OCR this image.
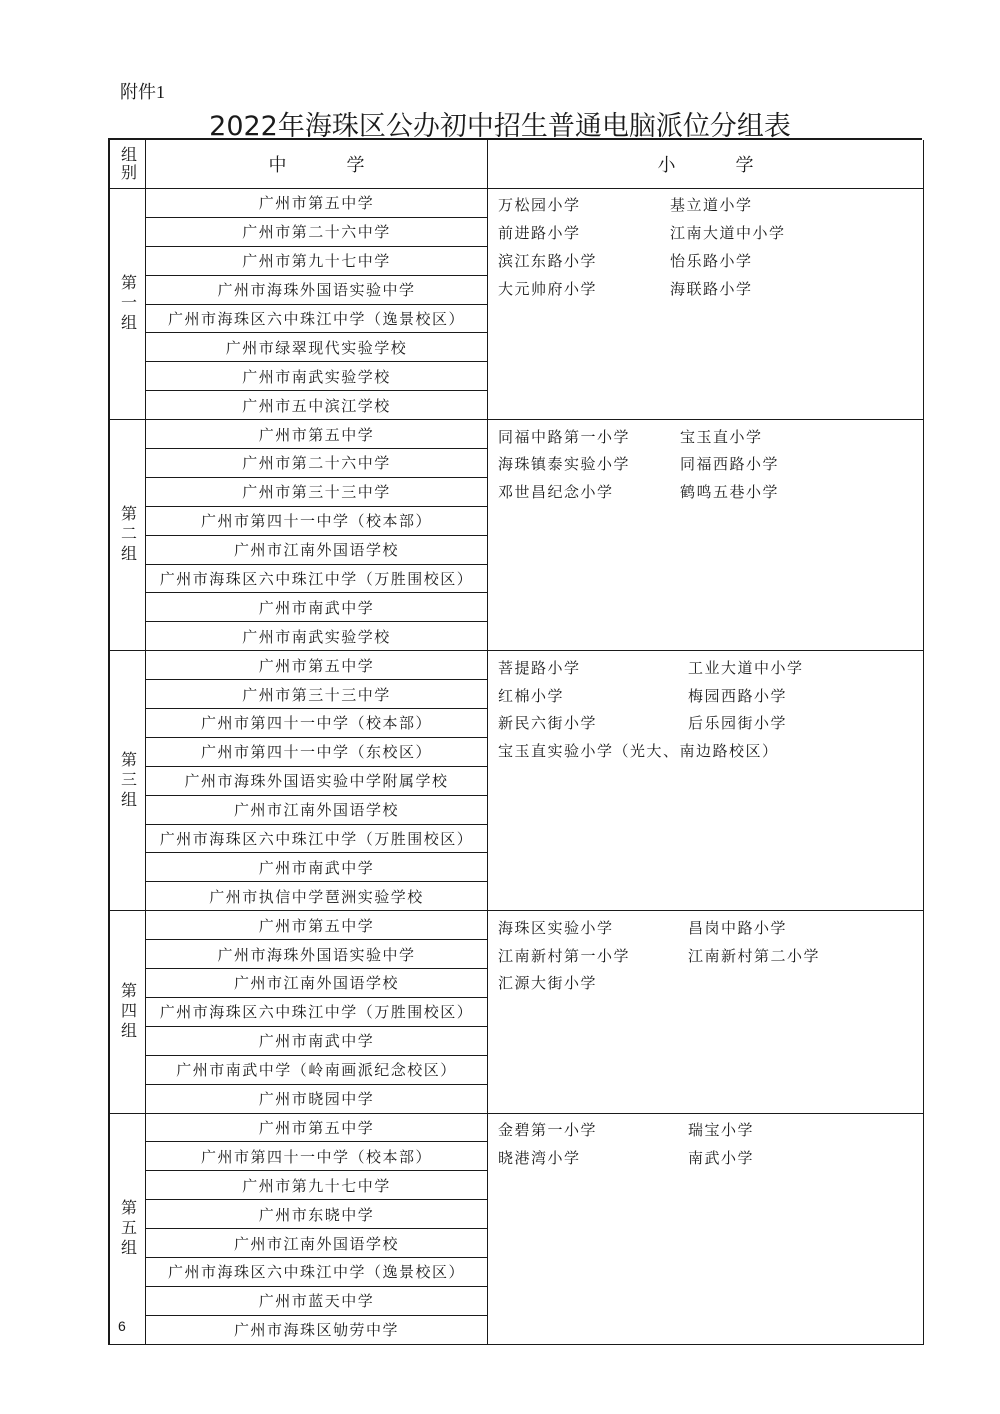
附件1
2022年海珠区公办初中招生普通电脑派位分组表
组别	中学	小学
第一组
广州市第五中学
广州市第二十六中学
广州市第九十七中学
广州市海珠外国语实验中学
广州市海珠区六中珠江中学（逸景校区）
广州市绿翠现代实验学校
广州市南武实验学校
广州市五中滨江学校
万松园小学	基立道小学
前进路小学	江南大道中小学
滨江东路小学	怡乐路小学
大元帅府小学	海联路小学
第二组
广州市第五中学
广州市第二十六中学
广州市第三十三中学
广州市第四十一中学（校本部）
广州市江南外国语学校
广州市海珠区六中珠江中学（万胜围校区）
广州市南武中学
广州市南武实验学校
同福中路第一小学	宝玉直小学
海珠镇泰实验小学	同福西路小学
邓世昌纪念小学	鹤鸣五巷小学
第三组
广州市第五中学
广州市第三十三中学
广州市第四十一中学（校本部）
广州市第四十一中学（东校区）
广州市海珠外国语实验中学附属学校
广州市江南外国语学校
广州市海珠区六中珠江中学（万胜围校区）
广州市南武中学
广州市执信中学琶洲实验学校
菩提路小学	工业大道中小学
红棉小学	梅园西路小学
新民六街小学	后乐园街小学
宝玉直实验小学（光大、南边路校区）
第四组
广州市第五中学
广州市海珠外国语实验中学
广州市江南外国语学校
广州市海珠区六中珠江中学（万胜围校区）
广州市南武中学
广州市南武中学（岭南画派纪念校区）
广州市晓园中学
海珠区实验小学	昌岗中路小学
江南新村第一小学	江南新村第二小学
汇源大街小学
第五组
广州市第五中学
广州市第四十一中学（校本部）
广州市第九十七中学
广州市东晓中学
广州市江南外国语学校
广州市海珠区六中珠江中学（逸景校区）
广州市蓝天中学
广州市海珠区劬劳中学
金碧第一小学	瑞宝小学
晓港湾小学	南武小学
6
